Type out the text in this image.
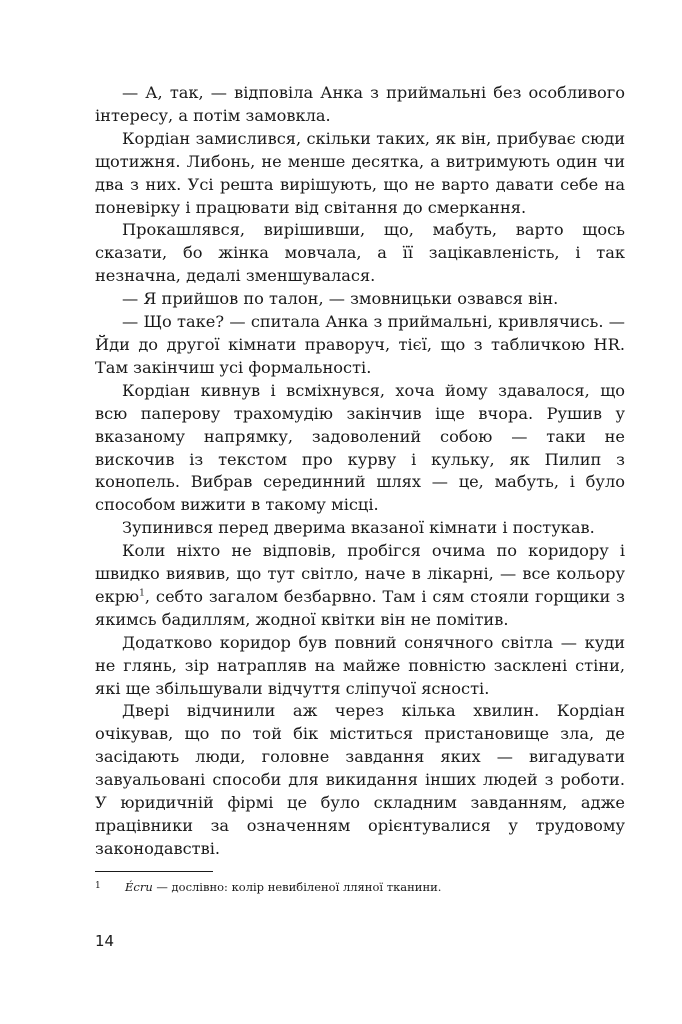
— А, так, — відповіла Анка з приймальні без особливого інтересу, а потім замовкла.

Кордіан замислився, скільки таких, як він, прибуває сюди щотижня. Либонь, не менше десятка, а витримують один чи два з них. Усі решта вирішують, що не варто давати себе на поневірку і працювати від світання до смеркання.

Прокашлявся, вирішивши, що, мабуть, варто щось сказати, бо жінка мовчала, а її зацікавленість, і так незначна, дедалі зменшувалася.

— Я прийшов по талон, — змовницьки озвався він.

— Що таке? — спитала Анка з приймальні, кривлячись. — Йди до другої кімнати праворуч, тієї, що з табличкою HR. Там закінчиш усі формальності.

Кордіан кивнув і всміхнувся, хоча йому здавалося, що всю паперову трахомудію закінчив іще вчора. Рушив у вказаному напрямку, задоволений собою — таки не вискочив із текстом про курву і кульку, як Пилип з конопель. Вибрав серединний шлях — це, мабуть, і було способом вижити в такому місці.

Зупинився перед дверима вказаної кімнати і постукав.

Коли ніхто не відповів, пробігся очима по коридору і швидко виявив, що тут світло, наче в лікарні, — все кольору екрю$^1$, себто загалом безбарвно. Там і сям стояли горщики з якимсь бадиллям, жодної квітки він не помітив.

Додатково коридор був повний сонячного світла — куди не глянь, зір натрапляв на майже повністю засклені стіни, які ще збільшували відчуття сліпучої ясності.

Двері відчинили аж через кілька хвилин. Кордіан очікував, що по той бік міститься пристановище зла, де засідають люди, головне завдання яких — вигадувати завуальовані способи для викидання інших людей з роботи. У юридичній фірмі це було складним завданням, адже працівники за означенням орієнтувалися у трудовому законодавстві.

1 Écru — дослівно: колір невибіленої лляної тканини.
14
